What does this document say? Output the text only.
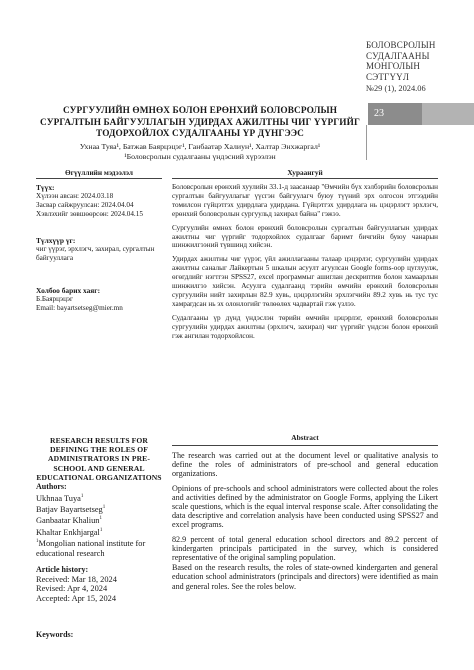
БОЛОВСРОЛЫН
СУДАЛГААНЫ
МОНГОЛЫН
СЭТГҮҮЛ
№29 (1), 2024.06
23
СУРГУУЛИЙН ӨМНӨХ БОЛОН ЕРӨНХИЙ БОЛОВСРОЛЫН
СУРГАЛТЫН БАЙГУУЛЛАГЫН УДИРДАХ АЖИЛТНЫ ЧИГ ҮҮРГИЙГ
ТОДОРХОЙЛОХ СУДАЛГААНЫ ҮР ДҮНГЭЭС
Ухнаа Туяа¹, Батжав Баярцэцэг¹, Ганбаатар Халиун¹, Халтар Энхжаргал¹
¹Боловсролын судалгааны үндэсний хүрээлэн
Өгүүллийн мэдээлэл	Хураангуй
Түүх:
Хүлээн авсан: 2024.03.18
Засвар сайжруулсан: 2024.04.04
Хэвлэхийг зөвшөөрсөн: 2024.04.15
Түлхүүр үг:
чиг үүрэг, эрхлэгч, захирал, сургалтын байгууллага
Холбоо барих хаяг:
Б.Баярцэцэг
Email: bayartsetseg@mier.mn

Боловсролын ерөнхий хуулийн 33.1-д заасанаар "Өмчийн бүх хэлбэрийн боловсролын сургалтын байгууллагыг үүсгэн байгуулагч буюу түүний эрх олгосон этгээдийн томилсон гүйцэтгэх удирдлага удирдана. Гүйцэтгэх удирдлага нь цэцэрлэгт эрхлэгч, ерөнхий боловсролын сургуульд захирал байна" гэжээ.

Сургуулийн өмнөх болон ерөнхий боловсролын сургалтын байгууллагын удирдах ажилтны чиг үүргийг тодорхойлох судалгааг баримт бичгийн буюу чанарын шинжилгээний түвшинд хийсэн.

Удирдах ажилтны чиг үүрэг, үйл ажиллагааны талаар цэцэрлэг, сургуулийн удирдах ажилтны саналыг Лайкертын 5 шкалын асуулт агуулсан Google forms-оор цуглуулж, өгөгдлийг нэгтгэн SPSS27, excel программыг ашиглан дескриптив болон хамаарлын шинжилгээ хийсэн. Асуулга судалгаанд тэрийн өмчийн ерөнхий боловсролын сургуулийн нийт захирлын 82.9 хувь, цэцэрлэгийн эрхлэгчийн 89.2 хувь нь тус тус хамрагдсан нь эх олонлогийг төлөөлөх чадвартай гэж үзлээ.

Судалгааны үр дүнд үндэслэн төрийн өмчийн цэцэрлэг, ерөнхий боловсролын сургуулийн удирдах ажилтны (эрхлэгч, захирал) чиг үүргийг үндсэн болон ерөнхий гэж ангилан тодорхойлсон.

RESEARCH RESULTS FOR
DEFINING THE ROLES OF
ADMINISTRATORS IN PRE-
SCHOOL AND GENERAL
EDUCATIONAL ORGANIZATIONS
Authors:
Ukhnaa Tuya$^1$
Batjav Bayartsetseg$^1$
Ganbaatar Khaliun$^1$
Khaltar Enkhjargal$^1$
$^1$Mongolian national institute for educational research
Article history:
Received: Mar 18, 2024
Revised: Apr 4, 2024
Accepted: Apr 15, 2024
Keywords:
Abstract

The research was carried out at the document level or qualitative analysis to define the roles of administrators of pre-school and general education organizations.

Opinions of pre-schools and school administrators were collected about the roles and activities defined by the administrator on Google Forms, applying the Likert scale questions, which is the equal interval response scale. After consolidating the data descriptive and correlation analysis have been conducted using SPSS27 and excel programs.

82.9 percent of total general education school directors and 89.2 percent of kindergarten principals participated in the survey, which is considered representative of the original sampling population.

Based on the research results, the roles of state-owned kindergarten and general education school administrators (principals and directors) were identified as main and general roles. See the roles below.
